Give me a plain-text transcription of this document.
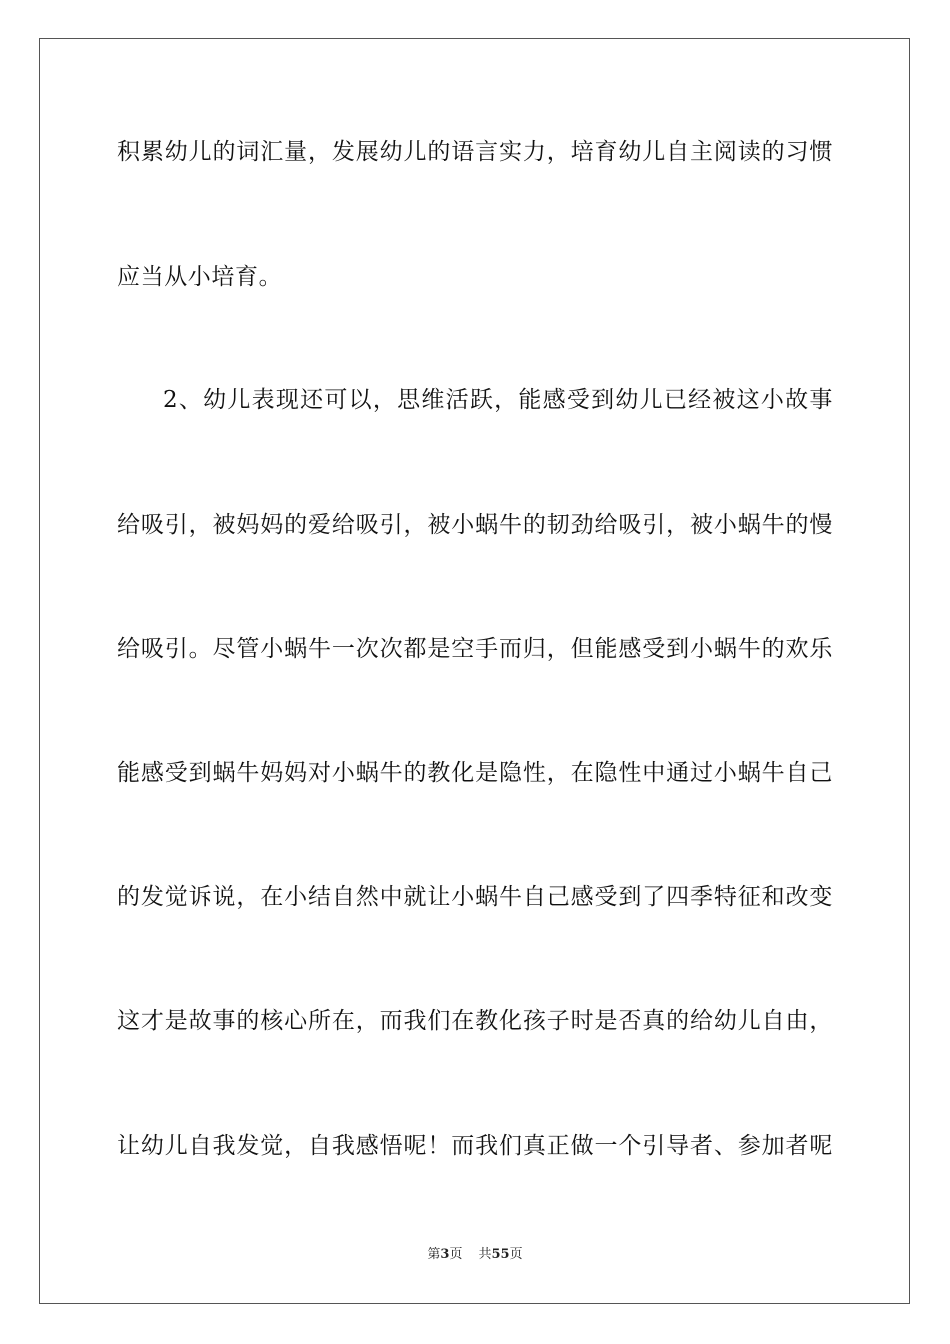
积累幼儿的词汇量，发展幼儿的语言实力，培育幼儿自主阅读的习惯
应当从小培育。
2、幼儿表现还可以，思维活跃，能感受到幼儿已经被这小故事
给吸引，被妈妈的爱给吸引，被小蜗牛的韧劲给吸引，被小蜗牛的慢
给吸引。尽管小蜗牛一次次都是空手而归，但能感受到小蜗牛的欢乐
能感受到蜗牛妈妈对小蜗牛的教化是隐性，在隐性中通过小蜗牛自己
的发觉诉说，在小结自然中就让小蜗牛自己感受到了四季特征和改变
这才是故事的核心所在，而我们在教化孩子时是否真的给幼儿自由，
让幼儿自我发觉，自我感悟呢！而我们真正做一个引导者、参加者呢
第3页 共55页
